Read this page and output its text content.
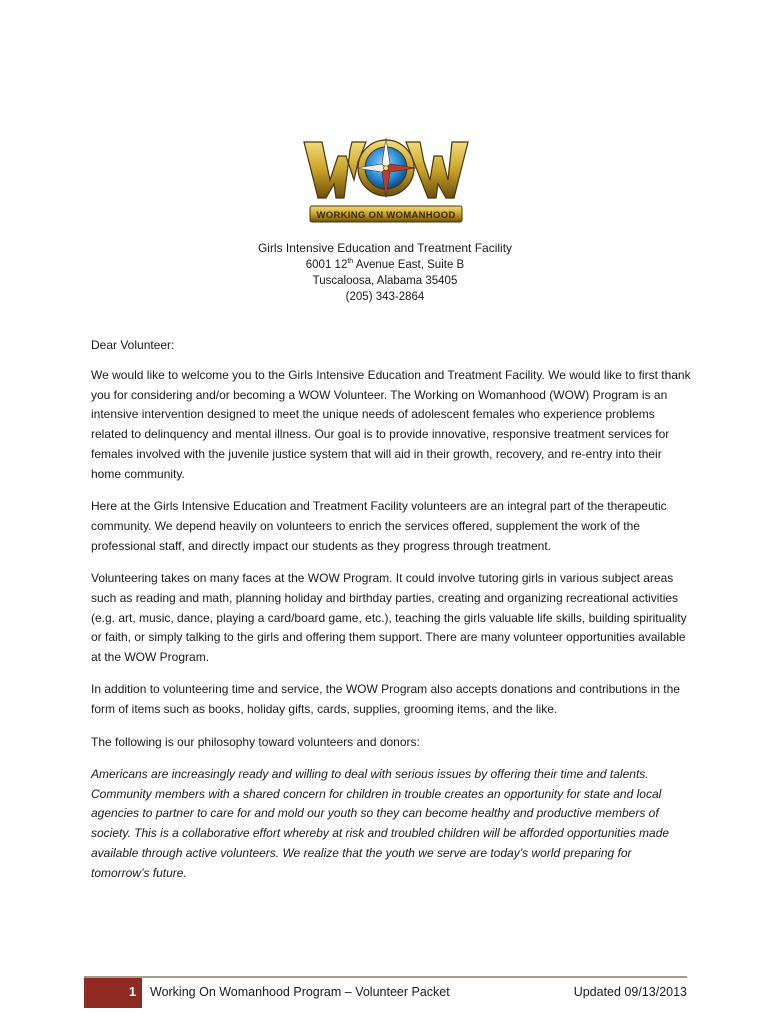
WORKING ON WOMANHOOD
Girls Intensive Education and Treatment Facility
6001 12th Avenue East, Suite B
Tuscaloosa, Alabama 35405
(205) 343-2864

Dear Volunteer:

We would like to welcome you to the Girls Intensive Education and Treatment Facility. We would like to first thank you for considering and/or becoming a WOW Volunteer. The Working on Womanhood (WOW) Program is an intensive intervention designed to meet the unique needs of adolescent females who experience problems related to delinquency and mental illness. Our goal is to provide innovative, responsive treatment services for females involved with the juvenile justice system that will aid in their growth, recovery, and re-entry into their home community.

Here at the Girls Intensive Education and Treatment Facility volunteers are an integral part of the therapeutic community. We depend heavily on volunteers to enrich the services offered, supplement the work of the professional staff, and directly impact our students as they progress through treatment.

Volunteering takes on many faces at the WOW Program. It could involve tutoring girls in various subject areas such as reading and math, planning holiday and birthday parties, creating and organizing recreational activities (e.g. art, music, dance, playing a card/board game, etc.), teaching the girls valuable life skills, building spirituality or faith, or simply talking to the girls and offering them support. There are many volunteer opportunities available at the WOW Program.

In addition to volunteering time and service, the WOW Program also accepts donations and contributions in the form of items such as books, holiday gifts, cards, supplies, grooming items, and the like.

The following is our philosophy toward volunteers and donors:

Americans are increasingly ready and willing to deal with serious issues by offering their time and talents. Community members with a shared concern for children in trouble creates an opportunity for state and local agencies to partner to care for and mold our youth so they can become healthy and productive members of society. This is a collaborative effort whereby at risk and troubled children will be afforded opportunities made available through active volunteers. We realize that the youth we serve are today’s world preparing for tomorrow’s future.

1 Working On Womanhood Program – Volunteer Packet	Updated 09/13/2013
